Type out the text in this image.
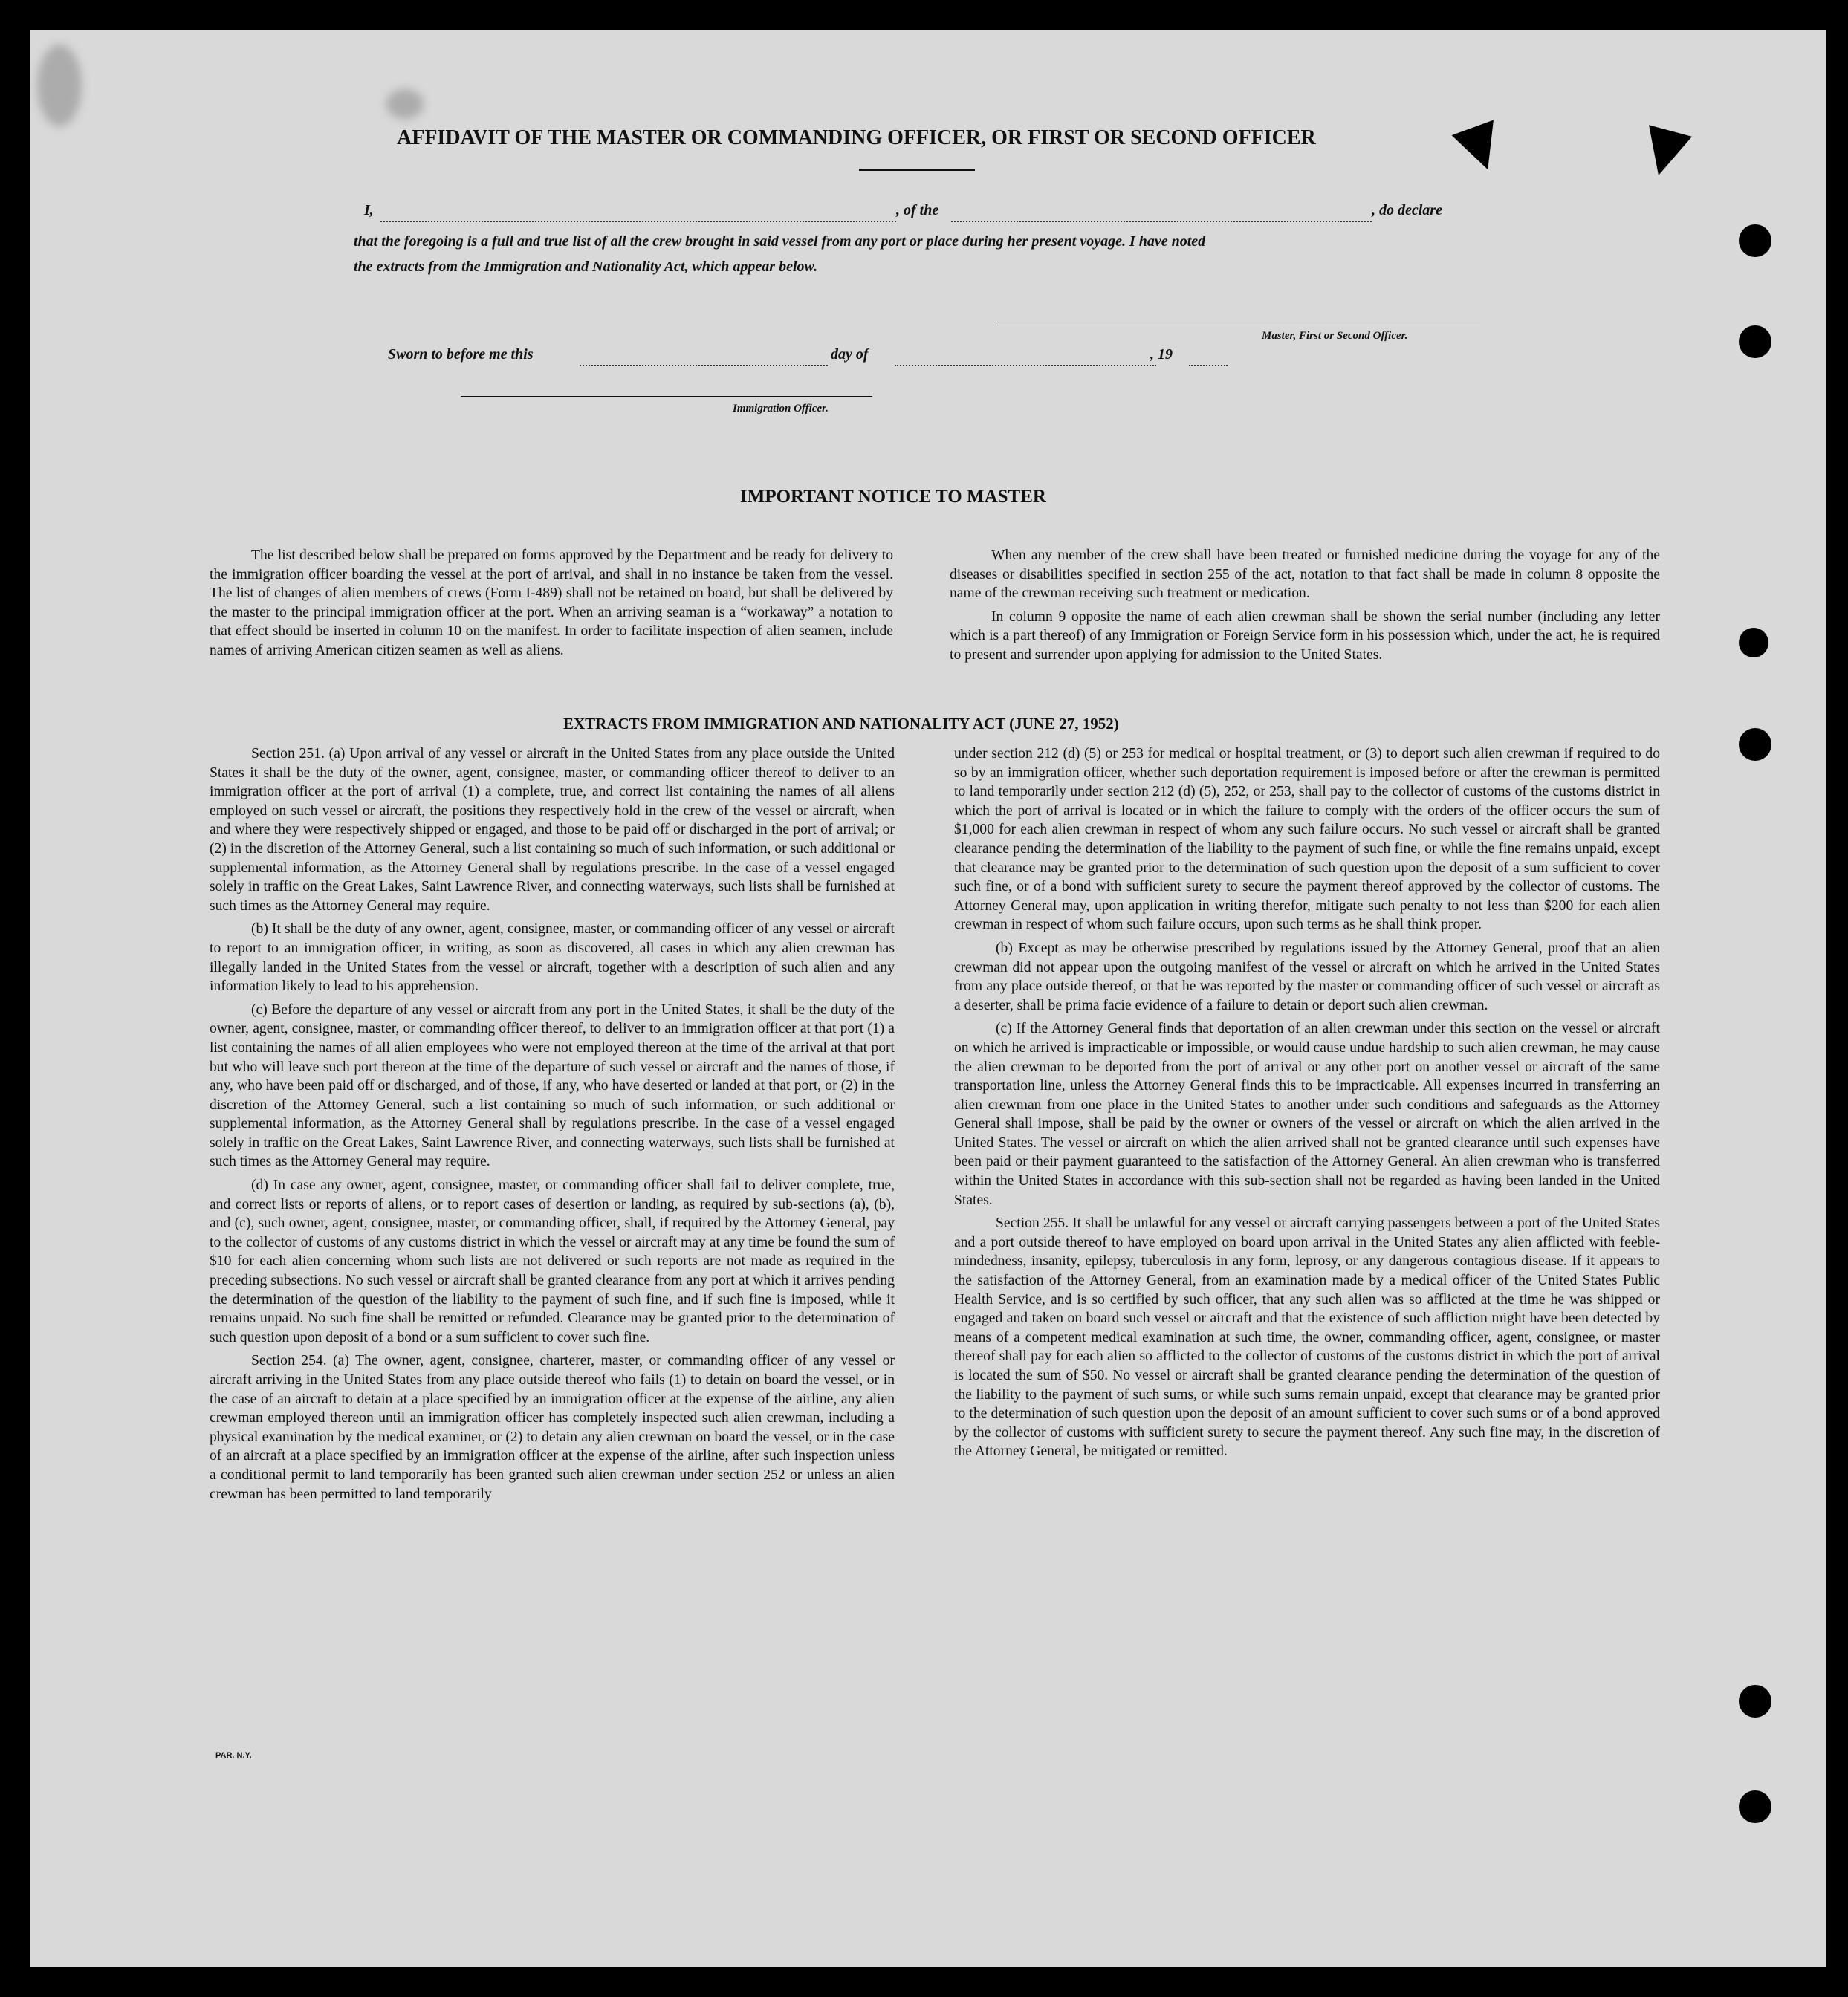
AFFIDAVIT OF THE MASTER OR COMMANDING OFFICER, OR FIRST OR SECOND OFFICER
I,	, of the	, do declare
that the foregoing is a full and true list of all the crew brought in said vessel from any port or place during her present voyage. I have noted
the extracts from the Immigration and Nationality Act, which appear below.
Master, First or Second Officer.
Sworn to before me this	day of	, 19
Immigration Officer.
IMPORTANT NOTICE TO MASTER

The list described below shall be prepared on forms approved by the Department and be ready for delivery to the immigration officer boarding the vessel at the port of arrival, and shall in no instance be taken from the vessel. The list of changes of alien members of crews (Form I-489) shall not be retained on board, but shall be delivered by the master to the principal immigration officer at the port. When an arriving seaman is a “workaway” a notation to that effect should be inserted in column 10 on the manifest. In order to facilitate inspection of alien seamen, include names of arriving American citizen seamen as well as aliens.

When any member of the crew shall have been treated or furnished medicine during the voyage for any of the diseases or disabilities specified in section 255 of the act, notation to that fact shall be made in column 8 opposite the name of the crewman receiving such treatment or medication.

In column 9 opposite the name of each alien crewman shall be shown the serial number (including any letter which is a part thereof) of any Immigration or Foreign Service form in his possession which, under the act, he is required to present and surrender upon applying for admission to the United States.

EXTRACTS FROM IMMIGRATION AND NATIONALITY ACT (JUNE 27, 1952)

Section 251. (a) Upon arrival of any vessel or aircraft in the United States from any place outside the United States it shall be the duty of the owner, agent, consignee, master, or commanding officer thereof to deliver to an immigration officer at the port of arrival (1) a complete, true, and correct list containing the names of all aliens employed on such vessel or aircraft, the positions they respectively hold in the crew of the vessel or aircraft, when and where they were respectively shipped or engaged, and those to be paid off or discharged in the port of arrival; or (2) in the discretion of the Attorney General, such a list containing so much of such information, or such additional or supplemental information, as the Attorney General shall by regulations prescribe. In the case of a vessel engaged solely in traffic on the Great Lakes, Saint Lawrence River, and connecting waterways, such lists shall be furnished at such times as the Attorney General may require.

(b) It shall be the duty of any owner, agent, consignee, master, or commanding officer of any vessel or aircraft to report to an immigration officer, in writing, as soon as discovered, all cases in which any alien crewman has illegally landed in the United States from the vessel or aircraft, together with a description of such alien and any information likely to lead to his apprehension.

(c) Before the departure of any vessel or aircraft from any port in the United States, it shall be the duty of the owner, agent, consignee, master, or commanding officer thereof, to deliver to an immigration officer at that port (1) a list containing the names of all alien employees who were not employed thereon at the time of the arrival at that port but who will leave such port thereon at the time of the departure of such vessel or aircraft and the names of those, if any, who have been paid off or discharged, and of those, if any, who have deserted or landed at that port, or (2) in the discretion of the Attorney General, such a list containing so much of such information, or such additional or supplemental information, as the Attorney General shall by regulations prescribe. In the case of a vessel engaged solely in traffic on the Great Lakes, Saint Lawrence River, and connecting waterways, such lists shall be furnished at such times as the Attorney General may require.

(d) In case any owner, agent, consignee, master, or commanding officer shall fail to deliver complete, true, and correct lists or reports of aliens, or to report cases of desertion or landing, as required by sub-sections (a), (b), and (c), such owner, agent, consignee, master, or commanding officer, shall, if required by the Attorney General, pay to the collector of customs of any customs district in which the vessel or aircraft may at any time be found the sum of $10 for each alien concerning whom such lists are not delivered or such reports are not made as required in the preceding subsections. No such vessel or aircraft shall be granted clearance from any port at which it arrives pending the determination of the question of the liability to the payment of such fine, and if such fine is imposed, while it remains unpaid. No such fine shall be remitted or refunded. Clearance may be granted prior to the determination of such question upon deposit of a bond or a sum sufficient to cover such fine.

Section 254. (a) The owner, agent, consignee, charterer, master, or commanding officer of any vessel or aircraft arriving in the United States from any place outside thereof who fails (1) to detain on board the vessel, or in the case of an aircraft to detain at a place specified by an immigration officer at the expense of the airline, any alien crewman employed thereon until an immigration officer has completely inspected such alien crewman, including a physical examination by the medical examiner, or (2) to detain any alien crewman on board the vessel, or in the case of an aircraft at a place specified by an immigration officer at the expense of the airline, after such inspection unless a conditional permit to land temporarily has been granted such alien crewman under section 252 or unless an alien crewman has been permitted to land temporarily

under section 212 (d) (5) or 253 for medical or hospital treatment, or (3) to deport such alien crewman if required to do so by an immigration officer, whether such deportation requirement is imposed before or after the crewman is permitted to land temporarily under section 212 (d) (5), 252, or 253, shall pay to the collector of customs of the customs district in which the port of arrival is located or in which the failure to comply with the orders of the officer occurs the sum of $1,000 for each alien crewman in respect of whom any such failure occurs. No such vessel or aircraft shall be granted clearance pending the determination of the liability to the payment of such fine, or while the fine remains unpaid, except that clearance may be granted prior to the determination of such question upon the deposit of a sum sufficient to cover such fine, or of a bond with sufficient surety to secure the payment thereof approved by the collector of customs. The Attorney General may, upon application in writing therefor, mitigate such penalty to not less than $200 for each alien crewman in respect of whom such failure occurs, upon such terms as he shall think proper.

(b) Except as may be otherwise prescribed by regulations issued by the Attorney General, proof that an alien crewman did not appear upon the outgoing manifest of the vessel or aircraft on which he arrived in the United States from any place outside thereof, or that he was reported by the master or commanding officer of such vessel or aircraft as a deserter, shall be prima facie evidence of a failure to detain or deport such alien crewman.

(c) If the Attorney General finds that deportation of an alien crewman under this section on the vessel or aircraft on which he arrived is impracticable or impossible, or would cause undue hardship to such alien crewman, he may cause the alien crewman to be deported from the port of arrival or any other port on another vessel or aircraft of the same transportation line, unless the Attorney General finds this to be impracticable. All expenses incurred in transferring an alien crewman from one place in the United States to another under such conditions and safeguards as the Attorney General shall impose, shall be paid by the owner or owners of the vessel or aircraft on which the alien arrived in the United States. The vessel or aircraft on which the alien arrived shall not be granted clearance until such expenses have been paid or their payment guaranteed to the satisfaction of the Attorney General. An alien crewman who is transferred within the United States in accordance with this sub-section shall not be regarded as having been landed in the United States.

Section 255. It shall be unlawful for any vessel or aircraft carrying passengers between a port of the United States and a port outside thereof to have employed on board upon arrival in the United States any alien afflicted with feeble-mindedness, insanity, epilepsy, tuberculosis in any form, leprosy, or any dangerous contagious disease. If it appears to the satisfaction of the Attorney General, from an examination made by a medical officer of the United States Public Health Service, and is so certified by such officer, that any such alien was so afflicted at the time he was shipped or engaged and taken on board such vessel or aircraft and that the existence of such affliction might have been detected by means of a competent medical examination at such time, the owner, commanding officer, agent, consignee, or master thereof shall pay for each alien so afflicted to the collector of customs of the customs district in which the port of arrival is located the sum of $50. No vessel or aircraft shall be granted clearance pending the determination of the question of the liability to the payment of such sums, or while such sums remain unpaid, except that clearance may be granted prior to the determination of such question upon the deposit of an amount sufficient to cover such sums or of a bond approved by the collector of customs with sufficient surety to secure the payment thereof. Any such fine may, in the discretion of the Attorney General, be mitigated or remitted.

PAR. N.Y.
